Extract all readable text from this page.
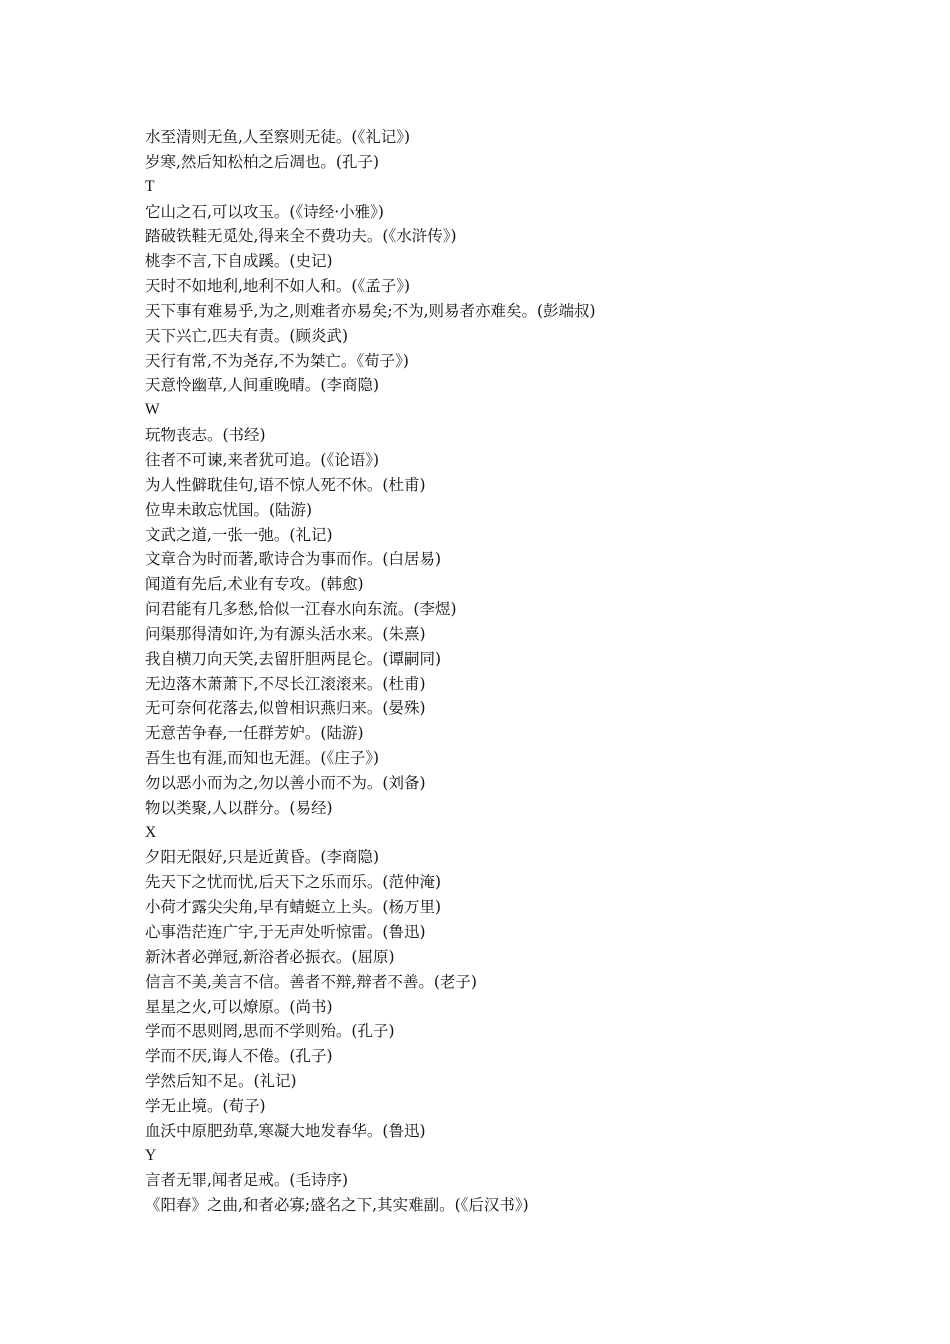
水至清则无鱼,人至察则无徒。(《礼记》)
岁寒,然后知松柏之后凋也。(孔子)
T
它山之石,可以攻玉。(《诗经·小雅》)
踏破铁鞋无觅处,得来全不费功夫。(《水浒传》)
桃李不言,下自成蹊。(史记)
天时不如地利,地利不如人和。(《孟子》)
天下事有难易乎,为之,则难者亦易矣;不为,则易者亦难矣。(彭端叔)
天下兴亡,匹夫有责。(顾炎武)
天行有常,不为尧存,不为桀亡。《荀子》)
天意怜幽草,人间重晚晴。(李商隐)
W
玩物丧志。(书经)
往者不可谏,来者犹可追。(《论语》)
为人性僻耽佳句,语不惊人死不休。(杜甫)
位卑未敢忘忧国。(陆游)
文武之道,一张一弛。(礼记)
文章合为时而著,歌诗合为事而作。(白居易)
闻道有先后,术业有专攻。(韩愈)
问君能有几多愁,恰似一江春水向东流。(李煜)
问渠那得清如许,为有源头活水来。(朱熹)
我自横刀向天笑,去留肝胆两昆仑。(谭嗣同)
无边落木萧萧下,不尽长江滚滚来。(杜甫)
无可奈何花落去,似曾相识燕归来。(晏殊)
无意苦争春,一任群芳妒。(陆游)
吾生也有涯,而知也无涯。(《庄子》)
勿以恶小而为之,勿以善小而不为。(刘备)
物以类聚,人以群分。(易经)
X
夕阳无限好,只是近黄昏。(李商隐)
先天下之忧而忧,后天下之乐而乐。(范仲淹)
小荷才露尖尖角,早有蜻蜓立上头。(杨万里)
心事浩茫连广宇,于无声处听惊雷。(鲁迅)
新沐者必弹冠,新浴者必振衣。(屈原)
信言不美,美言不信。善者不辩,辩者不善。(老子)
星星之火,可以燎原。(尚书)
学而不思则罔,思而不学则殆。(孔子)
学而不厌,诲人不倦。(孔子)
学然后知不足。(礼记)
学无止境。(荀子)
血沃中原肥劲草,寒凝大地发春华。(鲁迅)
Y
言者无罪,闻者足戒。(毛诗序)
《阳春》之曲,和者必寡;盛名之下,其实难副。(《后汉书》)
